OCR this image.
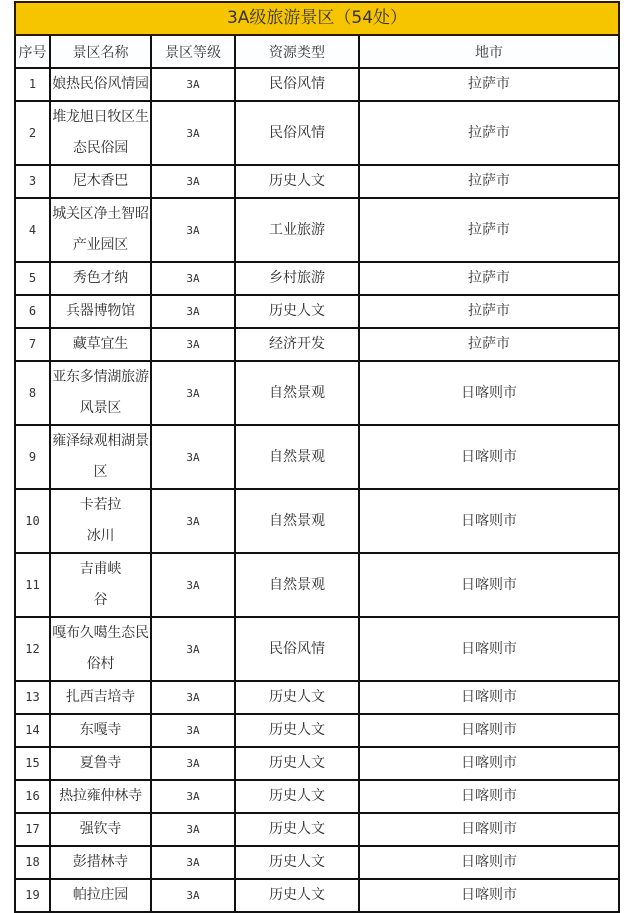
3A级旅游景区（54处）				
序号	景区名称	景区等级	资源类型	地市
1	娘热民俗风情园	3A	民俗风情	拉萨市
2	堆龙旭日牧区生
态民俗园	3A	民俗风情	拉萨市
3	尼木香巴	3A	历史人文	拉萨市
4	城关区净土智昭
产业园区	3A	工业旅游	拉萨市
5	秀色才纳	3A	乡村旅游	拉萨市
6	兵器博物馆	3A	历史人文	拉萨市
7	藏草宜生	3A	经济开发	拉萨市
8	亚东多情湖旅游
风景区	3A	自然景观	日喀则市
9	雍泽绿观相湖景
区	3A	自然景观	日喀则市
10	卡若拉
冰川	3A	自然景观	日喀则市
11	吉甫峡
谷	3A	自然景观	日喀则市
12	嘎布久噶生态民
俗村	3A	民俗风情	日喀则市
13	扎西吉培寺	3A	历史人文	日喀则市
14	东嘎寺	3A	历史人文	日喀则市
15	夏鲁寺	3A	历史人文	日喀则市
16	热拉雍仲林寺	3A	历史人文	日喀则市
17	强钦寺	3A	历史人文	日喀则市
18	彭措林寺	3A	历史人文	日喀则市
19	帕拉庄园	3A	历史人文	日喀则市
